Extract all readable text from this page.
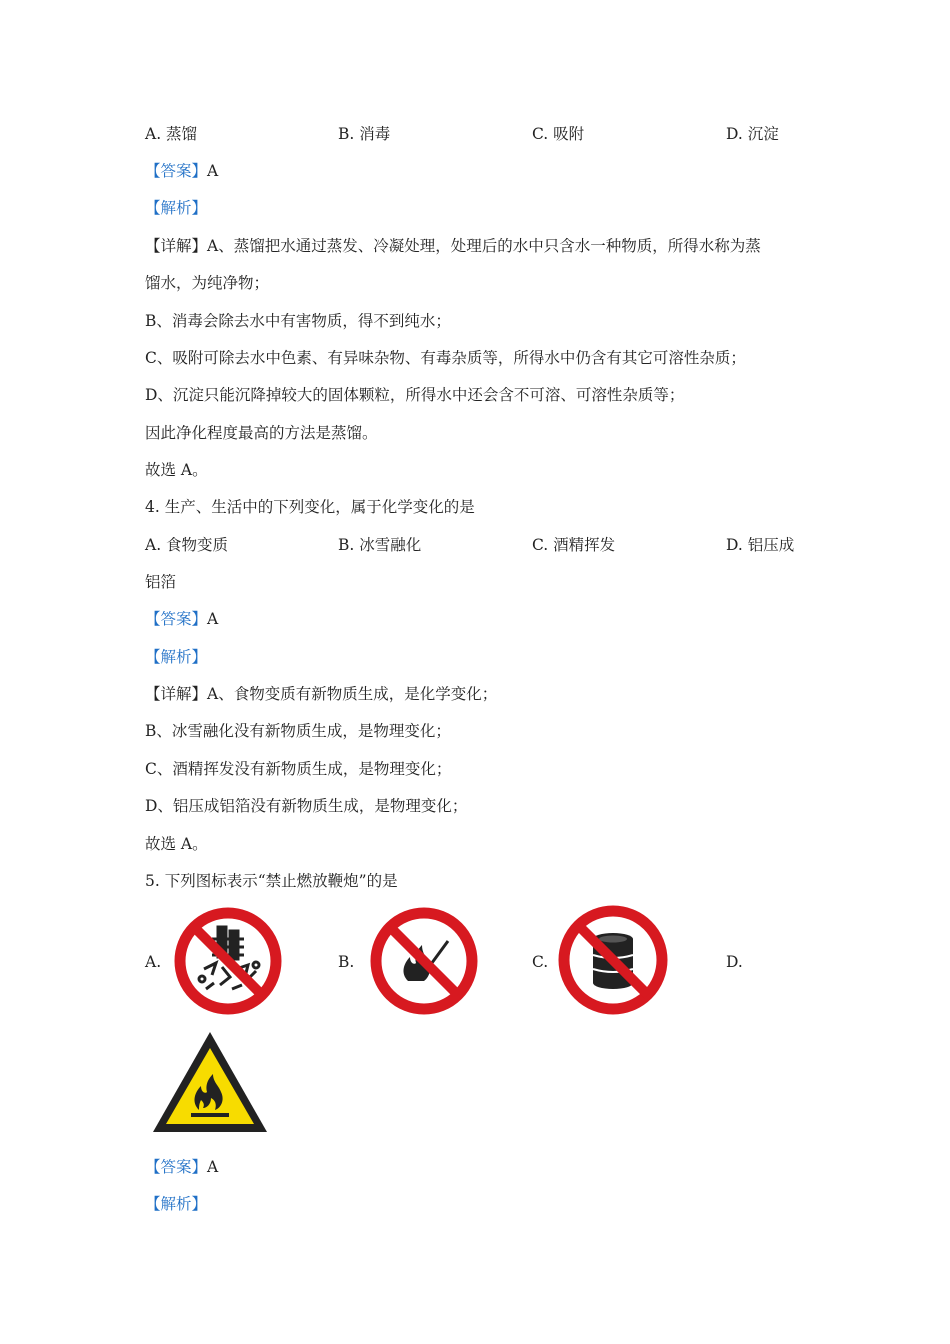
A. 蒸馏	B. 消毒	C. 吸附	D. 沉淀
【答案】A
【解析】
【详解】A、蒸馏把水通过蒸发、冷凝处理，处理后的水中只含水一种物质，所得水称为蒸
馏水，为纯净物；
B、消毒会除去水中有害物质，得不到纯水；
C、吸附可除去水中色素、有异味杂物、有毒杂质等，所得水中仍含有其它可溶性杂质；
D、沉淀只能沉降掉较大的固体颗粒，所得水中还会含不可溶、可溶性杂质等；
因此净化程度最高的方法是蒸馏。
故选 A。
4. 生产、生活中的下列变化，属于化学变化的是
A. 食物变质	B. 冰雪融化	C. 酒精挥发	D. 铝压成
铝箔
【答案】A
【解析】
【详解】A、食物变质有新物质生成，是化学变化；
B、冰雪融化没有新物质生成，是物理变化；
C、酒精挥发没有新物质生成，是物理变化；
D、铝压成铝箔没有新物质生成，是物理变化；
故选 A。
5. 下列图标表示“禁止燃放鞭炮”的是
A.	B.	C.	D.
【答案】A
【解析】
